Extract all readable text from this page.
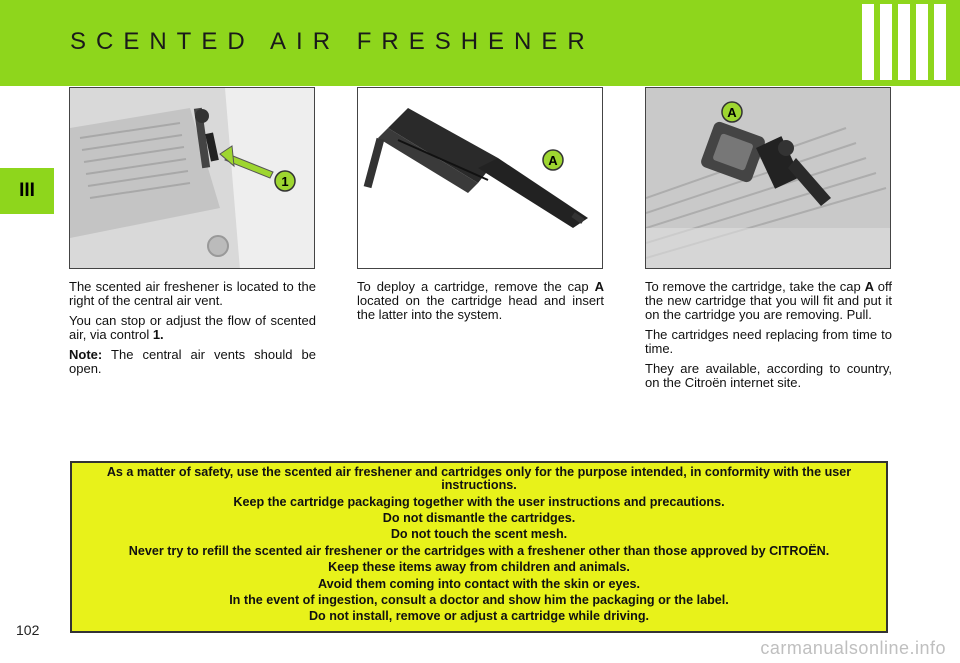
SCENTED AIR FRESHENER
III	1
A
A

The scented air freshener is located to the right of the central air vent.

You can stop or adjust the flow of scented air, via control 1.

Note: The central air vents should be open.

To deploy a cartridge, remove the cap A located on the cartridge head and insert the latter into the system.

To remove the cartridge, take the cap A off the new cartridge that you will fit and put it on the cartridge you are removing. Pull.

The cartridges need replacing from time to time.

They are available, according to country, on the Citroën internet site.

As a matter of safety, use the scented air freshener and cartridges only for the purpose intended, in conformity with the user instructions.
Keep the cartridge packaging together with the user instructions and precautions.
Do not dismantle the cartridges.
Do not touch the scent mesh.
Never try to refill the scented air freshener or the cartridges with a freshener other than those approved by CITROËN.
Keep these items away from children and animals.
Avoid them coming into contact with the skin or eyes.
In the event of ingestion, consult a doctor and show him the packaging or the label.
Do not install, remove or adjust a cartridge while driving.
102
carmanualsonline.info
